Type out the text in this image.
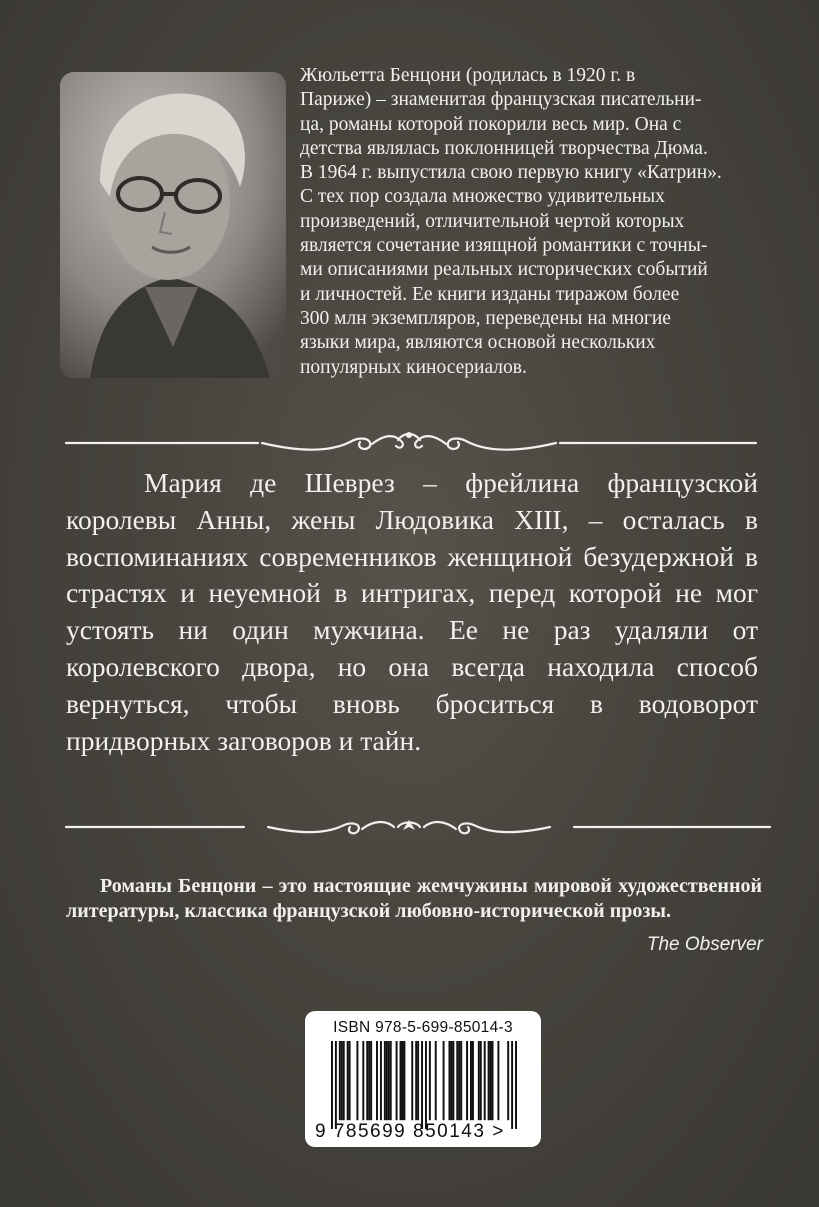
Жюльетта Бенцони (родилась в 1920 г. в
Париже) – знаменитая французская писательни-
ца, романы которой покорили весь мир. Она с
детства являлась поклонницей творчества Дюма.
В 1964 г. выпустила свою первую книгу «Катрин».
С тех пор создала множество удивительных
произведений, отличительной чертой которых
является сочетание изящной романтики с точны-
ми описаниями реальных исторических событий
и личностей. Ее книги изданы тиражом более
300 млн экземпляров, переведены на многие
языки мира, являются основой нескольких
популярных киносериалов.

Мария де Шеврез – фрейлина французской королевы Анны, жены Людовика XIII, – осталась в воспоминаниях современников женщиной безудержной в страстях и неуемной в интригах, перед которой не мог устоять ни один мужчина. Ее не раз удаляли от королевского двора, но она всегда находила способ вернуться, чтобы вновь броситься в водоворот придворных заговоров и тайн.

Романы Бенцони – это настоящие жемчужины мировой художественной литературы, классика французской любовно-исторической прозы.

The Observer
ISBN 978-5-699-85014-3
9 785699 850143 >
